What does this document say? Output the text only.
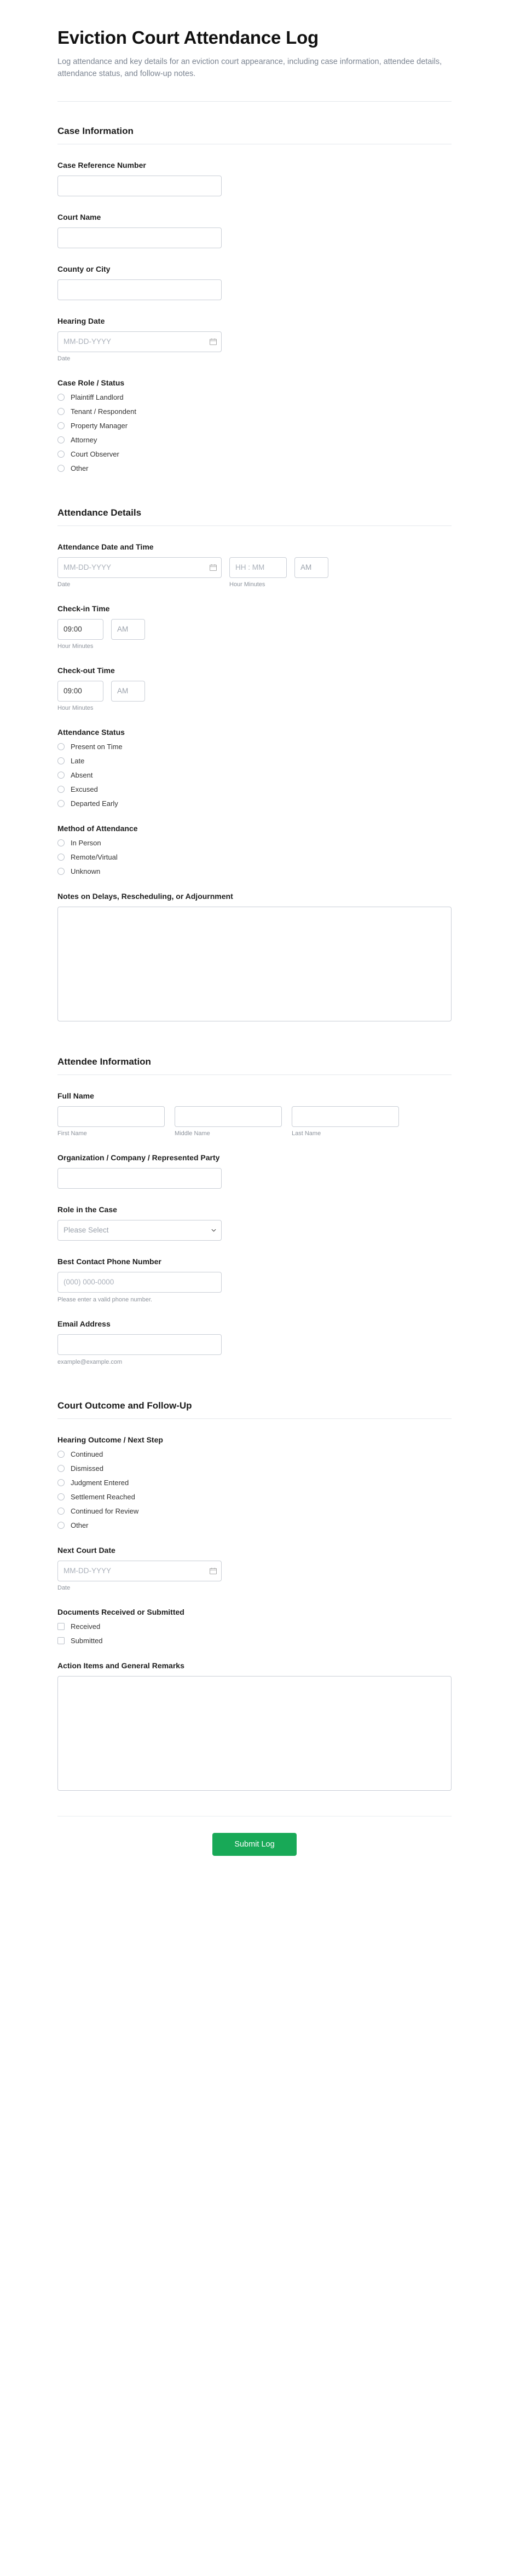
Eviction Court Attendance Log

Log attendance and key details for an eviction court appearance, including case information, attendee details, attendance status, and follow-up notes.

Case Information
Case Reference Number
Court Name
County or City
Hearing Date
MM-DD-YYYY
Date
Case Role / Status
Plaintiff Landlord
Tenant / Respondent
Property Manager
Attorney
Court Observer
Other
Attendance Details
Attendance Date and Time
MM-DD-YYYY
Date
HH : MM	Hour Minutes
AM
Check-in Time
09:00
AM
Hour Minutes
Check-out Time
09:00
AM
Hour Minutes
Attendance Status
Present on Time
Late
Absent
Excused
Departed Early
Method of Attendance
In Person
Remote/Virtual
Unknown
Notes on Delays, Rescheduling, or Adjournment
Attendee Information
Full Name
First Name	Middle Name	Last Name
Organization / Company / Represented Party
Role in the Case
Please Select
Best Contact Phone Number
(000) 000-0000
Please enter a valid phone number.
Email Address
example@example.com
Court Outcome and Follow-Up
Hearing Outcome / Next Step
Continued
Dismissed
Judgment Entered
Settlement Reached
Continued for Review
Other
Next Court Date
MM-DD-YYYY
Date
Documents Received or Submitted
Received
Submitted
Action Items and General Remarks
Submit Log
